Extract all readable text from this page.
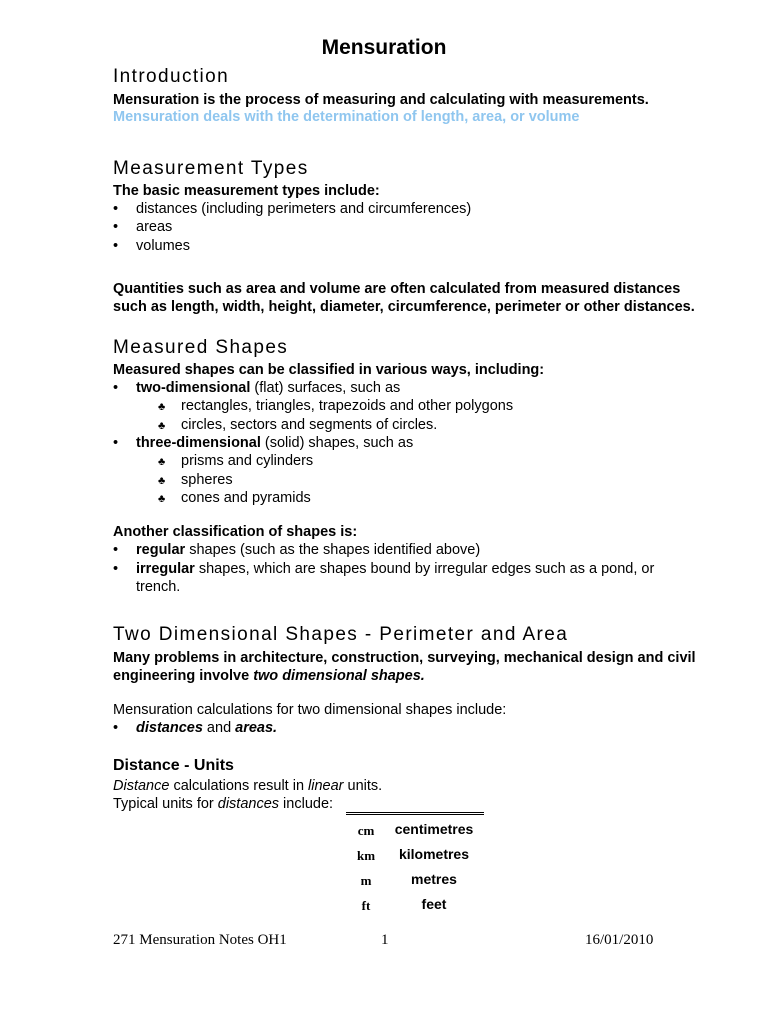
Mensuration
Introduction

Mensuration is the process of measuring and calculating with measurements.

Mensuration deals with the determination of length, area, or volume

Measurement Types

The basic measurement types include:

• distances (including perimeters and circumferences)
• areas
• volumes

Quantities such as area and volume are often calculated from measured distances

such as length, width, height, diameter, circumference, perimeter or other distances.

Measured Shapes

Measured shapes can be classified in various ways, including:

• two-dimensional (flat) surfaces, such as
♣ rectangles, triangles, trapezoids and other polygons
♣ circles, sectors and segments of circles.
• three-dimensional (solid) shapes, such as
♣ prisms and cylinders
♣ spheres
♣ cones and pyramids

Another classification of shapes is:

• regular shapes (such as the shapes identified above)
• irregular shapes, which are shapes bound by irregular edges such as a pond, or
trench.
Two Dimensional Shapes - Perimeter and Area

Many problems in architecture, construction, surveying, mechanical design and civil

engineering involve two dimensional shapes.

Mensuration calculations for two dimensional shapes include:

• distances and areas.
Distance - Units

Distance calculations result in linear units.

Typical units for distances include:

cm	centimetres
km	kilometres
m	metres
ft	feet
271 Mensuration Notes OH1	1	16/01/2010
